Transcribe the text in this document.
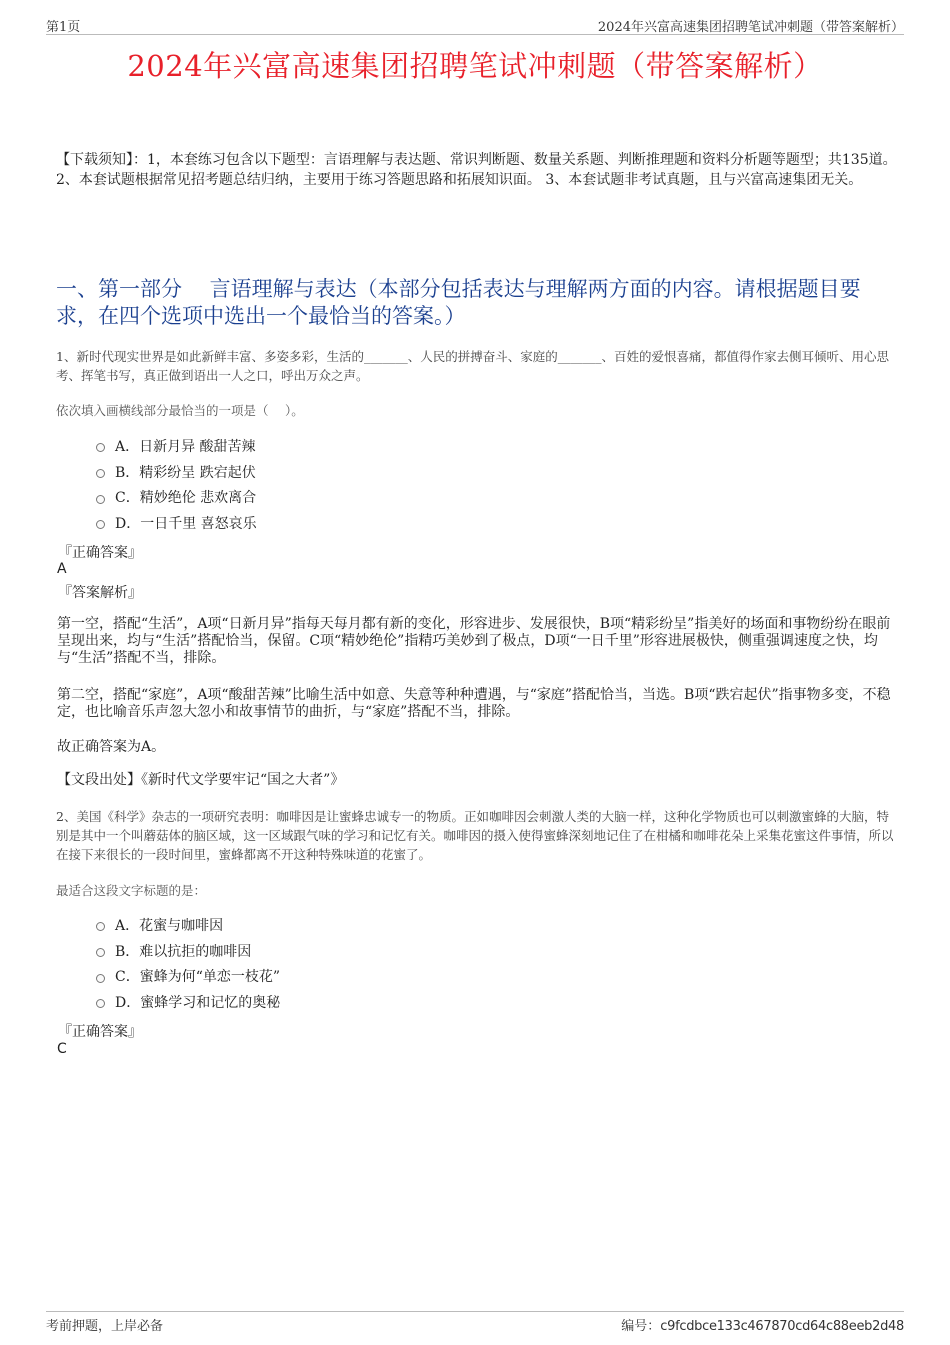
第1页	2024年兴富高速集团招聘笔试冲刺题（带答案解析）
2024年兴富高速集团招聘笔试冲刺题（带答案解析）
【下载须知】：1，本套练习包含以下题型：言语理解与表达题、常识判断题、数量关系题、判断推理题和资料分析题等题型；共135道。 2、本套试题根据常见招考题总结归纳，主要用于练习答题思路和拓展知识面。 3、本套试题非考试真题，且与兴富高速集团无关。
一、第一部分　 言语理解与表达（本部分包括表达与理解两方面的内容。请根据题目要求，在四个选项中选出一个最恰当的答案。）
1、新时代现实世界是如此新鲜丰富、多姿多彩，生活的_______、人民的拼搏奋斗、家庭的_______、百姓的爱恨喜痛，都值得作家去侧耳倾听、用心思考、挥笔书写，真正做到语出一人之口，呼出万众之声。
依次填入画横线部分最恰当的一项是（　 ）。
A．日新月异 酸甜苦辣
B．精彩纷呈 跌宕起伏
C．精妙绝伦 悲欢离合
D．一日千里 喜怒哀乐
『正确答案』
A
『答案解析』
第一空，搭配“生活”，A项“日新月异”指每天每月都有新的变化，形容进步、发展很快，B项“精彩纷呈”指美好的场面和事物纷纷在眼前呈现出来，均与“生活”搭配恰当，保留。C项“精妙绝伦”指精巧美妙到了极点，D项“一日千里”形容进展极快，侧重强调速度之快，均与“生活”搭配不当，排除。
第二空，搭配“家庭”，A项“酸甜苦辣”比喻生活中如意、失意等种种遭遇，与“家庭”搭配恰当，当选。B项“跌宕起伏”指事物多变，不稳定，也比喻音乐声忽大忽小和故事情节的曲折，与“家庭”搭配不当，排除。
故正确答案为A。
【文段出处】《新时代文学要牢记“国之大者”》
2、美国《科学》杂志的一项研究表明：咖啡因是让蜜蜂忠诚专一的物质。正如咖啡因会刺激人类的大脑一样，这种化学物质也可以刺激蜜蜂的大脑，特别是其中一个叫蘑菇体的脑区域，这一区域跟气味的学习和记忆有关。咖啡因的摄入使得蜜蜂深刻地记住了在柑橘和咖啡花朵上采集花蜜这件事情，所以在接下来很长的一段时间里，蜜蜂都离不开这种特殊味道的花蜜了。
最适合这段文字标题的是：
A．花蜜与咖啡因
B．难以抗拒的咖啡因
C．蜜蜂为何“单恋一枝花”
D．蜜蜂学习和记忆的奥秘
『正确答案』
C
考前押题，上岸必备	编号：c9fcdbce133c467870cd64c88eeb2d48
